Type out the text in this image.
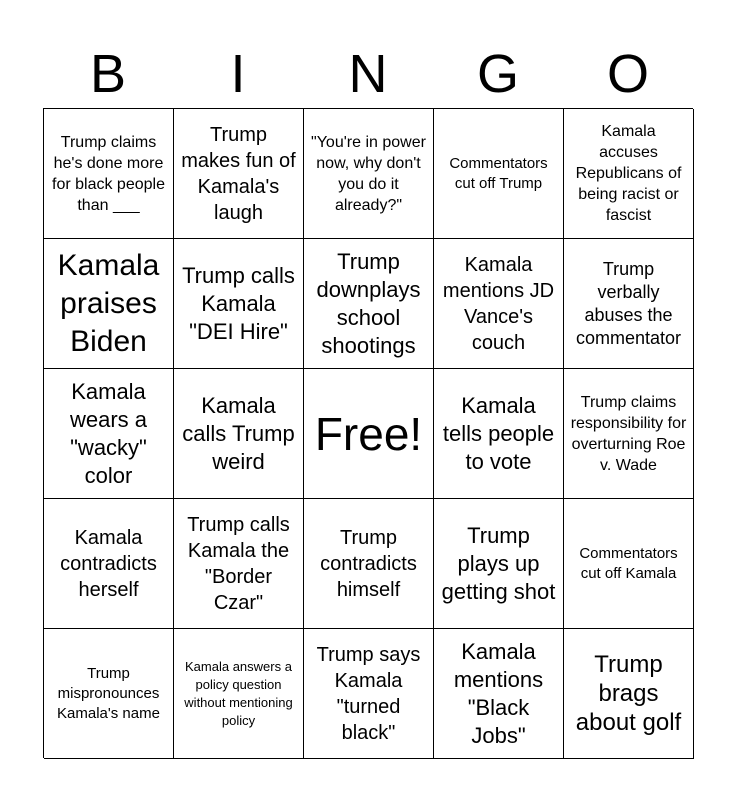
B	I	N	G	O
Trump claims he's done more for black people than ___
Trump makes fun of Kamala's laugh
"You're in power now, why don't you do it already?"
Commentators cut off Trump
Kamala accuses Republicans of being racist or fascist
Kamala praises Biden
Trump calls Kamala "DEI Hire"
Trump downplays school shootings
Kamala mentions JD Vance's couch
Trump verbally abuses the commentator
Kamala wears a "wacky" color
Kamala calls Trump weird
Free!
Kamala tells people to vote
Trump claims responsibility for overturning Roe v. Wade
Kamala contradicts herself
Trump calls Kamala the "Border Czar"
Trump contradicts himself
Trump plays up getting shot
Commentators cut off Kamala
Trump mispronounces Kamala's name
Kamala answers a policy question without mentioning policy
Trump says Kamala "turned black"
Kamala mentions "Black Jobs"
Trump brags about golf
